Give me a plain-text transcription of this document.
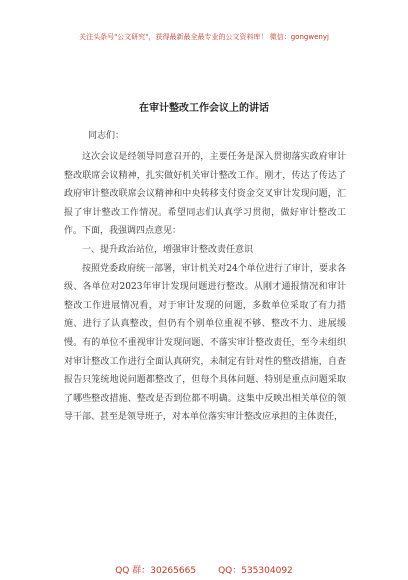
关注头条号"公文研究"，获得最新最全最专业的公文资料库！ 微信：gongwenyj
在审计整改工作会议上的讲话
同志们：

这次会议是经领导同意召开的，主要任务是深入贯彻落实政府审计整改联席会议精神，扎实做好机关审计整改工作。刚才，传达了传达了政府审计整改联席会议精神和中央转移支付资金交叉审计发现问题，汇报了审计整改工作情况。希望同志们认真学习贯彻，做好审计整改工作。下面，我强调四点意见：

一、提升政治站位，增强审计整改责任意识

按照党委政府统一部署，审计机关对24个单位进行了审计，要求各级、各单位对2023年审计发现问题进行整改。从刚才通报情况和审计整改工作进展情况看，对于审计发现的问题，多数单位采取了有力措施、进行了认真整改，但仍有个别单位重视不够、整改不力、进展缓慢。有的单位不重视审计发现问题、不落实审计整改责任，至今未组织对审计整改工作进行全面认真研究，未制定有针对性的整改措施，自查报告只笼统地说问题都整改了，但每个具体问题、特别是重点问题采取了哪些整改措施、整改是否到位都不明确。这集中反映出相关单位的领导干部、甚至是领导班子，对本单位落实审计整改应承担的主体责任，

QQ 群：30265665 QQ：535304092
